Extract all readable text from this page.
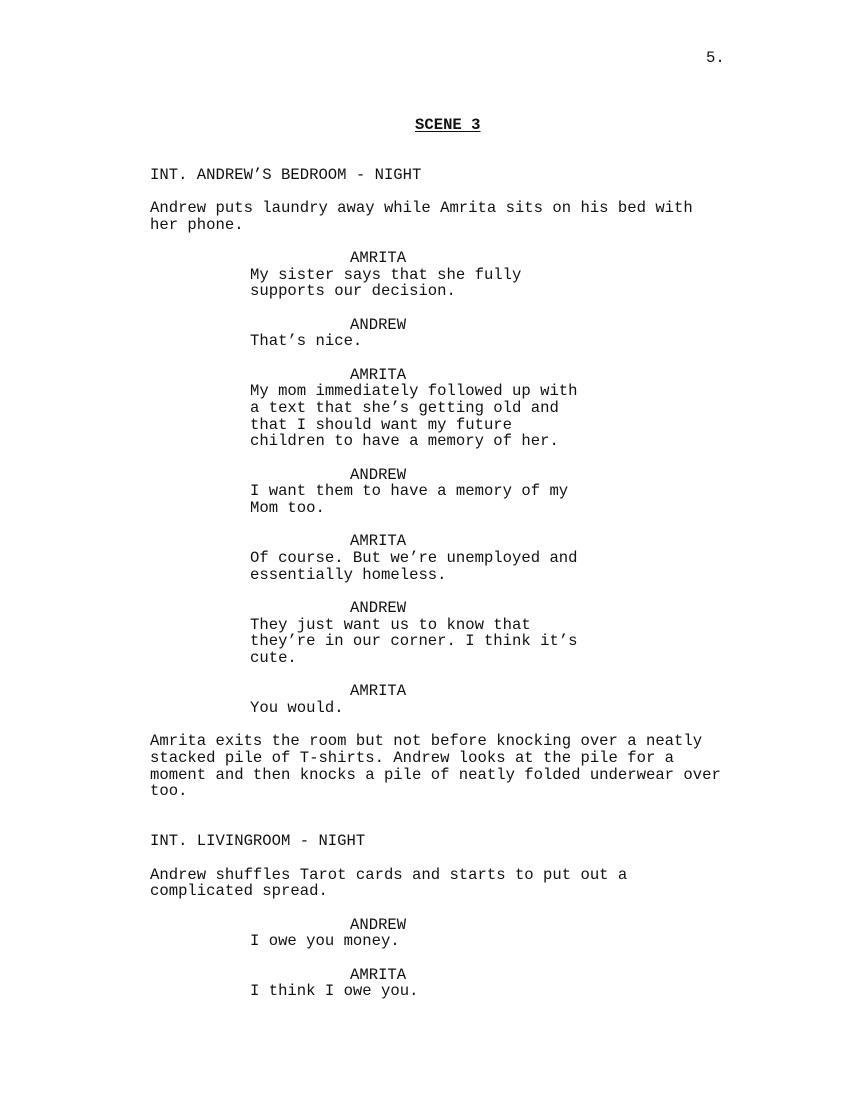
5.
SCENE 3
INT. ANDREW’S BEDROOM - NIGHT
Andrew puts laundry away while Amrita sits on his bed with
her phone.
AMRITA
My sister says that she fully
supports our decision.
ANDREW
That’s nice.
AMRITA
My mom immediately followed up with
a text that she’s getting old and
that I should want my future
children to have a memory of her.
ANDREW
I want them to have a memory of my
Mom too.
AMRITA
Of course. But we’re unemployed and
essentially homeless.
ANDREW
They just want us to know that
they’re in our corner. I think it’s
cute.
AMRITA
You would.
Amrita exits the room but not before knocking over a neatly
stacked pile of T-shirts. Andrew looks at the pile for a
moment and then knocks a pile of neatly folded underwear over
too.
INT. LIVINGROOM - NIGHT
Andrew shuffles Tarot cards and starts to put out a
complicated spread.
ANDREW
I owe you money.
AMRITA
I think I owe you.
